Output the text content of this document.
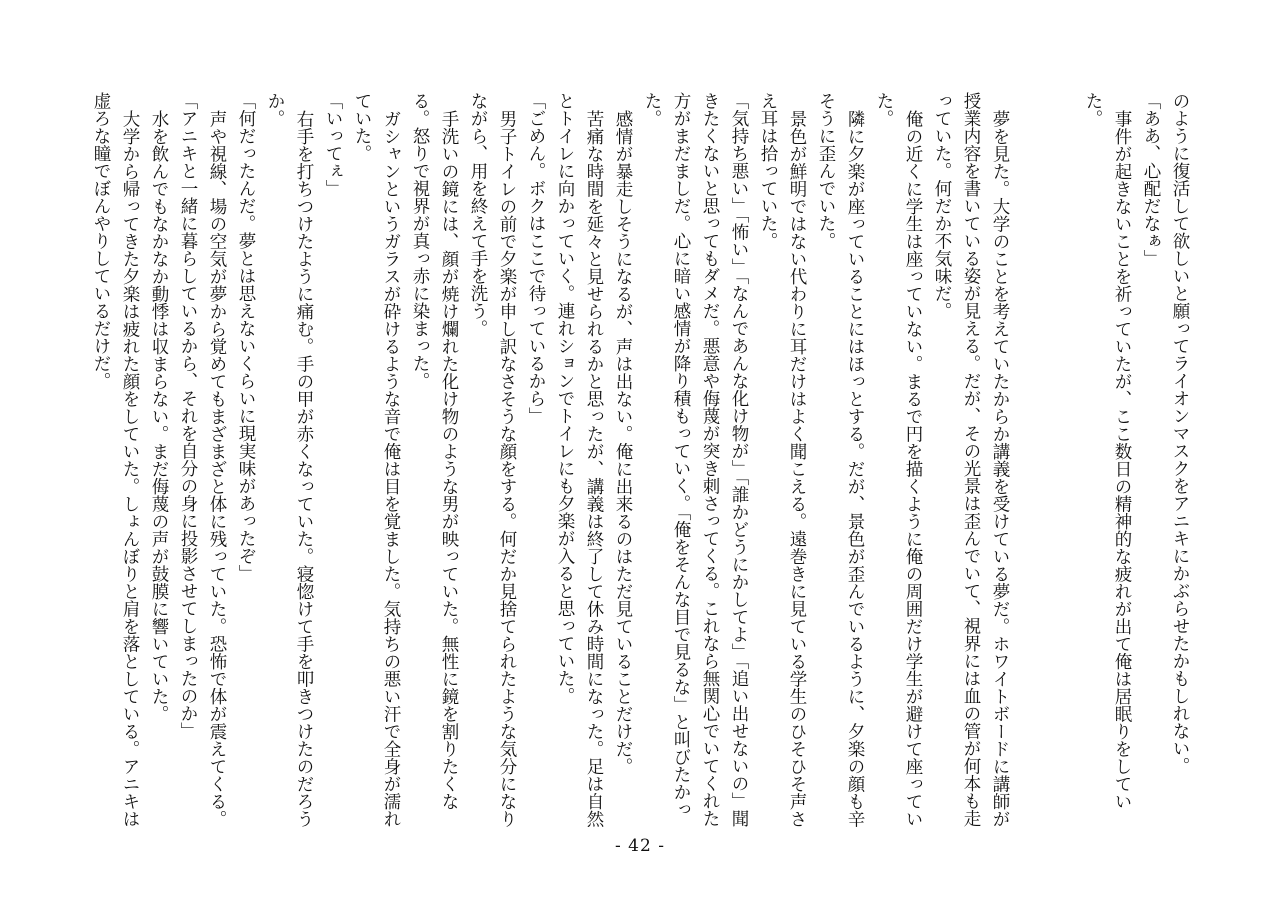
のように復活して欲しいと願ってライオンマスクをアニキにかぶらせたかもしれない。

「ああ、心配だなぁ」

事件が起きないことを祈っていたが、ここ数日の精神的な疲れが出て俺は居眠りをしていた。

夢を見た。大学のことを考えていたからか講義を受けている夢だ。ホワイトボードに講師が授業内容を書いている姿が見える。だが、その光景は歪んでいて、視界には血の管が何本も走っていた。何だか不気味だ。

俺の近くに学生は座っていない。まるで円を描くように俺の周囲だけ学生が避けて座っていた。

隣に夕楽が座っていることにはほっとする。だが、景色が歪んでいるように、夕楽の顔も辛そうに歪んでいた。

景色が鮮明ではない代わりに耳だけはよく聞こえる。遠巻きに見ている学生のひそひそ声さえ耳は拾っていた。

「気持ち悪い」「怖い」「なんであんな化け物が」「誰かどうにかしてよ」「追い出せないの」聞きたくないと思ってもダメだ。悪意や侮蔑が突き刺さってくる。これなら無関心でいてくれた方がまだましだ。心に暗い感情が降り積もっていく。「俺をそんな目で見るな」と叫びたかった。

感情が暴走しそうになるが、声は出ない。俺に出来るのはただ見ていることだけだ。

苦痛な時間を延々と見せられるかと思ったが、講義は終了して休み時間になった。足は自然とトイレに向かっていく。連れションでトイレにも夕楽が入ると思っていた。

「ごめん。ボクはここで待っているから」

男子トイレの前で夕楽が申し訳なさそうな顔をする。何だか見捨てられたような気分になりながら、用を終えて手を洗う。

手洗いの鏡には、顔が焼け爛れた化け物のような男が映っていた。無性に鏡を割りたくなる。怒りで視界が真っ赤に染まった。

ガシャンというガラスが砕けるような音で俺は目を覚ました。気持ちの悪い汗で全身が濡れていた。

「いってぇ」

右手を打ちつけたように痛む。手の甲が赤くなっていた。寝惚けて手を叩きつけたのだろうか。

「何だったんだ。夢とは思えないくらいに現実味があったぞ」

声や視線、場の空気が夢から覚めてもまざまざと体に残っていた。恐怖で体が震えてくる。

「アニキと一緒に暮らしているから、それを自分の身に投影させてしまったのか」

水を飲んでもなかなか動悸は収まらない。まだ侮蔑の声が鼓膜に響いていた。

大学から帰ってきた夕楽は疲れた顔をしていた。しょんぼりと肩を落としている。アニキは虚ろな瞳でぼんやりしているだけだ。

- 42 -
